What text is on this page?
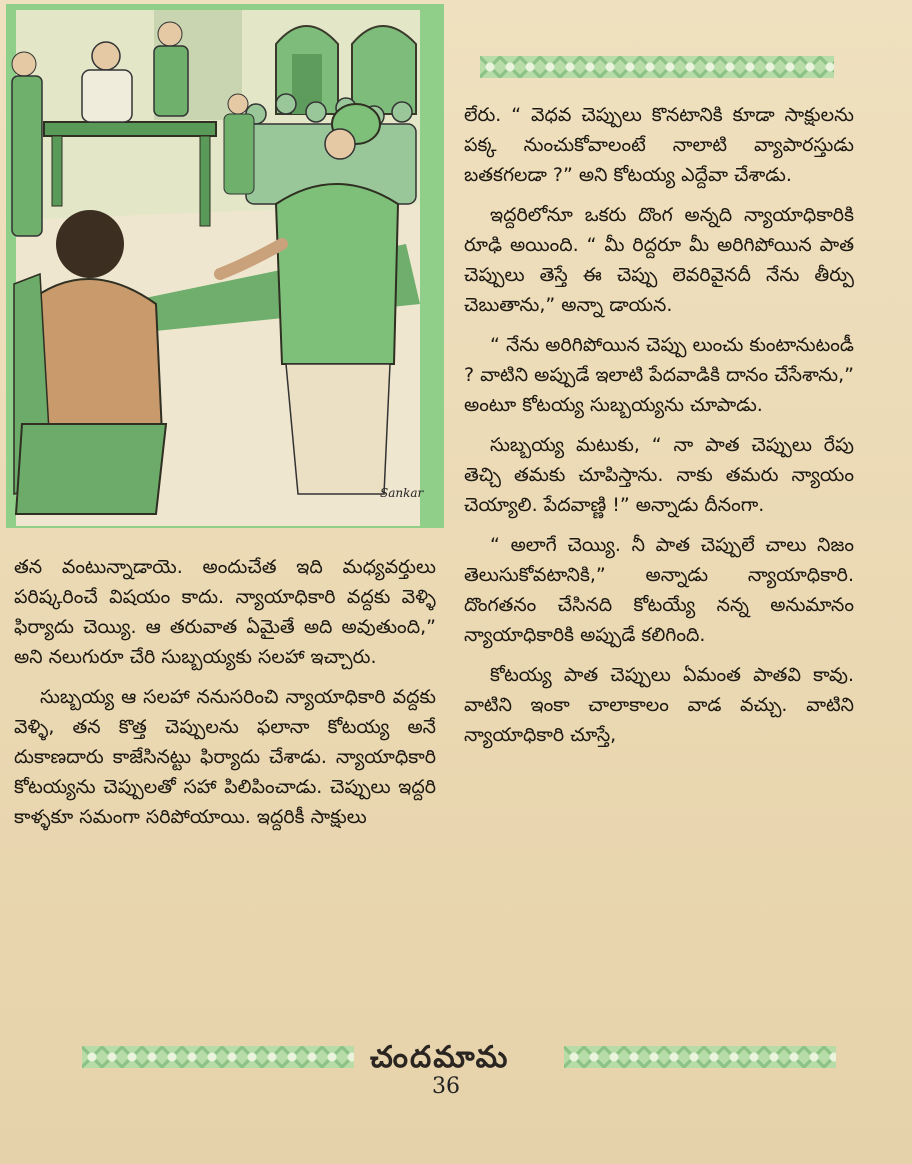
Sankar

తన వంటున్నాడాయె. అందుచేత ఇది మధ్యవర్తులు పరిష్కరించే విషయం కాదు. న్యాయాధికారి వద్దకు వెళ్ళి ఫిర్యాదు చెయ్యి. ఆ తరువాత ఏమైతే అది అవుతుంది,” అని నలుగురూ చేరి సుబ్బయ్యకు సలహా ఇచ్చారు.

సుబ్బయ్య ఆ సలహా ననుసరించి న్యాయాధికారి వద్దకు వెళ్ళి, తన కొత్త చెప్పులను ఫలానా కోటయ్య అనే దుకాణదారు కాజేసినట్టు ఫిర్యాదు చేశాడు. న్యాయాధికారి కోటయ్యను చెప్పులతో సహా పిలిపించాడు. చెప్పులు ఇద్దరి కాళ్ళకూ సమంగా సరిపోయాయి. ఇద్దరికీ సాక్షులు

లేరు. “ వెధవ చెప్పులు కొనటానికి కూడా సాక్షులను పక్క నుంచుకోవాలంటే నాలాటి వ్యాపారస్తుడు బతకగలడా ?” అని కోటయ్య ఎద్దేవా చేశాడు.

ఇద్దరిలోనూ ఒకరు దొంగ అన్నది న్యాయాధికారికి రూఢి అయింది. “ మీ రిద్దరూ మీ అరిగిపోయిన పాత చెప్పులు తెస్తే ఈ చెప్పు లెవరివైనదీ నేను తీర్పు చెబుతాను,” అన్నా డాయన.

“ నేను అరిగిపోయిన చెప్పు లుంచు కుంటానుటండీ ? వాటిని అప్పుడే ఇలాటి పేదవాడికి దానం చేసేశాను,” అంటూ కోటయ్య సుబ్బయ్యను చూపాడు.

సుబ్బయ్య మటుకు, “ నా పాత చెప్పులు రేపు తెచ్చి తమకు చూపిస్తాను. నాకు తమరు న్యాయం చెయ్యాలి. పేదవాణ్ణి !” అన్నాడు దీనంగా.

“ అలాగే చెయ్యి. నీ పాత చెప్పులే చాలు నిజం తెలుసుకోవటానికి,” అన్నాడు న్యాయాధికారి. దొంగతనం చేసినది కోటయ్యే నన్న అనుమానం న్యాయాధికారికి అప్పుడే కలిగింది.

కోటయ్య పాత చెప్పులు ఏమంత పాతవి కావు. వాటిని ఇంకా చాలాకాలం వాడ వచ్చు. వాటిని న్యాయాధికారి చూస్తే,

చందమామ
36
